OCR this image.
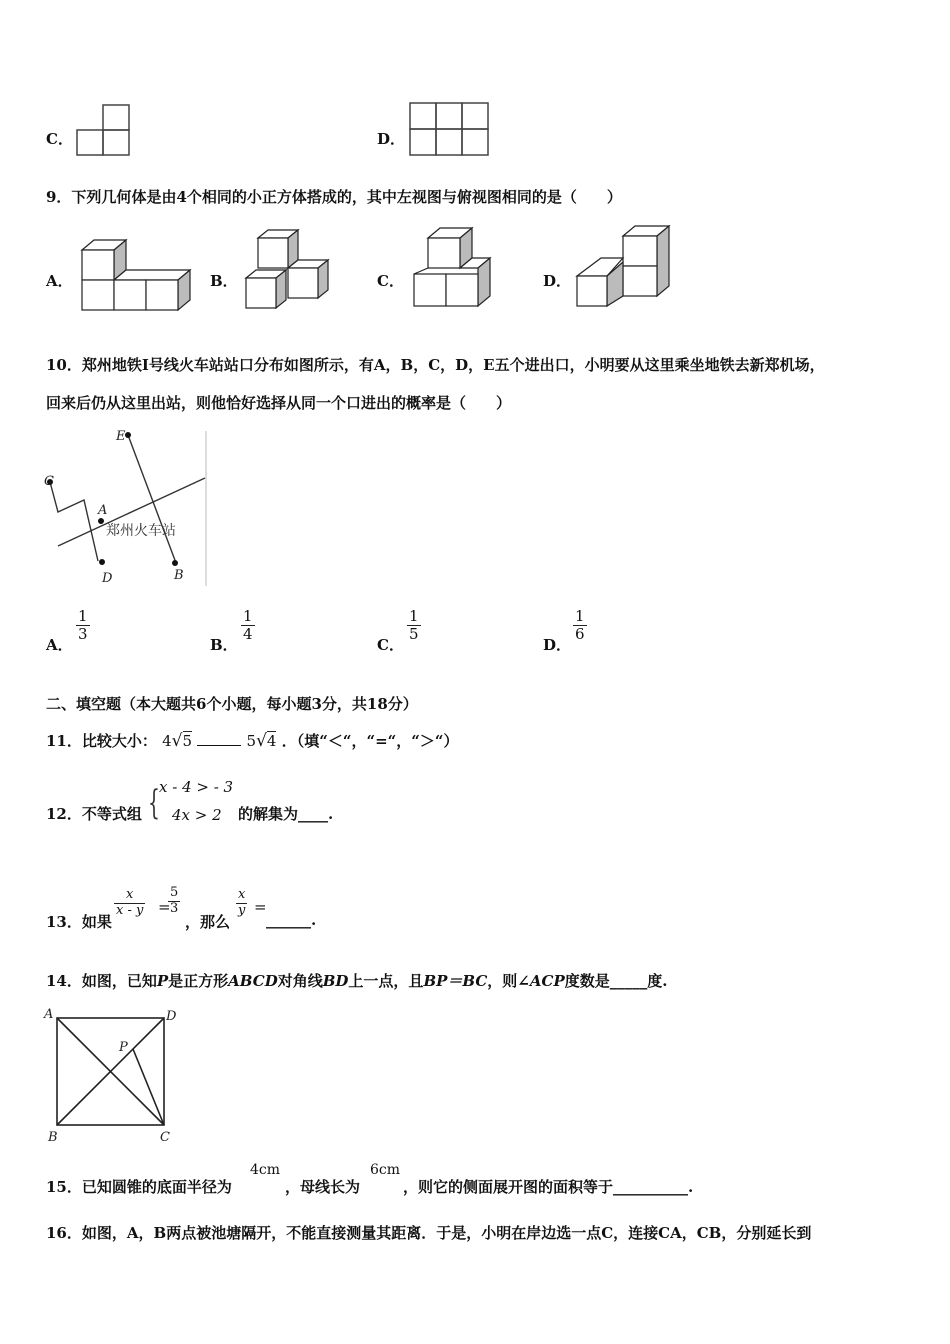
C．	D．
9．下列几何体是由4个相同的小正方体搭成的，其中左视图与俯视图相同的是（　　）
A．	B．	C．	D．
10．郑州地铁Ⅰ号线火车站站口分布如图所示，有A，B，C，D，E五个进出口，小明要从这里乘坐地铁去新郑机场，
回来后仍从这里出站，则他恰好选择从同一个口进出的概率是（　　）
E
C
A
D	B
郑州火车站
A．
$\frac{1}{3}$
B．
$\frac{1}{4}$
C．
$\frac{1}{5}$
D．
$\frac{1}{6}$
二、填空题（本大题共6个小题，每小题3分，共18分）
11．比较大小： 4√5	5√4 ．（填“＜“，“=“，“＞“）
12．不等式组 { x - 4 > - 3
4x > 2 的解集为____.
13．如果
$\frac{x}{x - y}$ =
$\frac{5}{3}$
，那么
$\frac{x}{y}$ =
______.
14．如图，已知P是正方形ABCD对角线BD上一点，且BP＝BC，则∠ACP度数是_____度.
A	D
P
B	C
15．已知圆锥的底面半径为
4cm
，母线长为
6cm
，则它的侧面展开图的面积等于__________.
16．如图，A，B两点被池塘隔开，不能直接测量其距离．于是，小明在岸边选一点C，连接CA，CB，分别延长到
